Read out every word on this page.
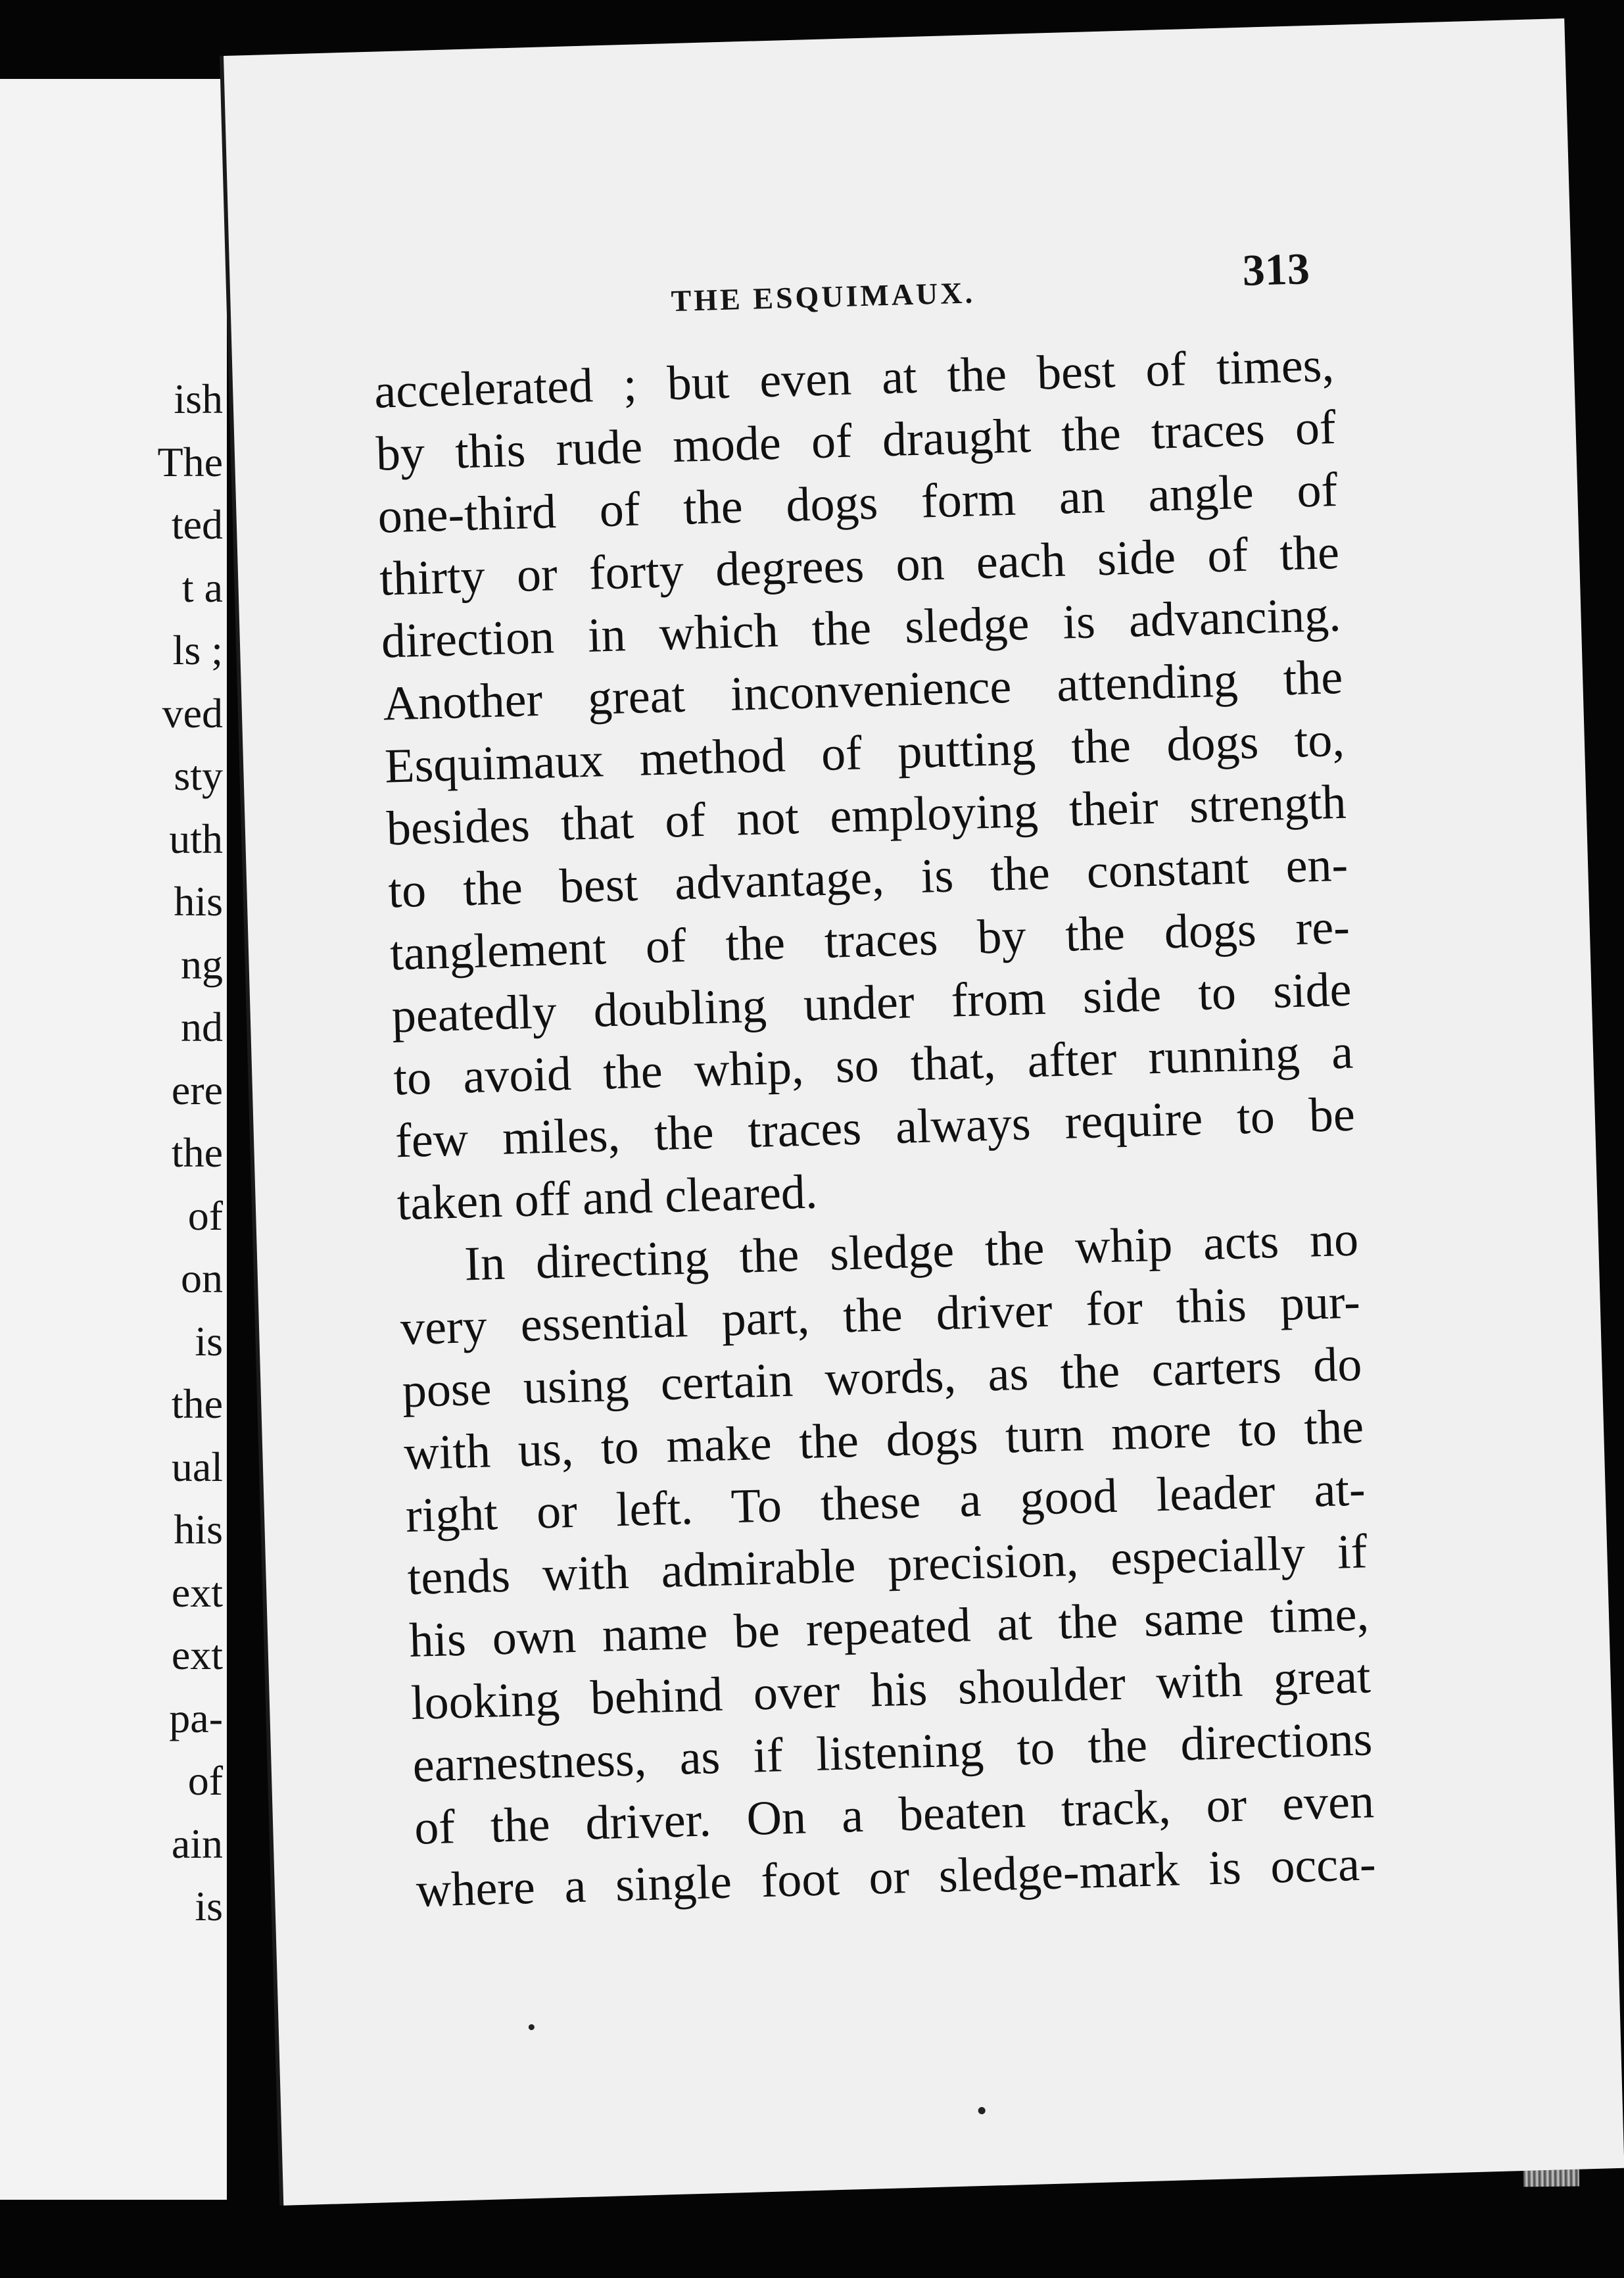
ish
The
ted
t a
ls ;
ved
sty
uth
his
ng
nd
ere
the
of
on
is
the
ual
his
ext
ext
pa-
of
ain
is
THE ESQUIMAUX.
313
accelerated ; but even at the best of times,
by this rude mode of draught the traces of
one-third of the dogs form an angle of
thirty or forty degrees on each side of the
direction in which the sledge is advancing.
Another great inconvenience attending the
Esquimaux method of putting the dogs to,
besides that of not employing their strength
to the best advantage, is the constant en-
tanglement of the traces by the dogs re-
peatedly doubling under from side to side
to avoid the whip, so that, after running a
few miles, the traces always require to be
taken off and cleared.
In directing the sledge the whip acts no
very essential part, the driver for this pur-
pose using certain words, as the carters do
with us, to make the dogs turn more to the
right or left. To these a good leader at-
tends with admirable precision, especially if
his own name be repeated at the same time,
looking behind over his shoulder with great
earnestness, as if listening to the directions
of the driver. On a beaten track, or even
where a single foot or sledge-mark is occa-
